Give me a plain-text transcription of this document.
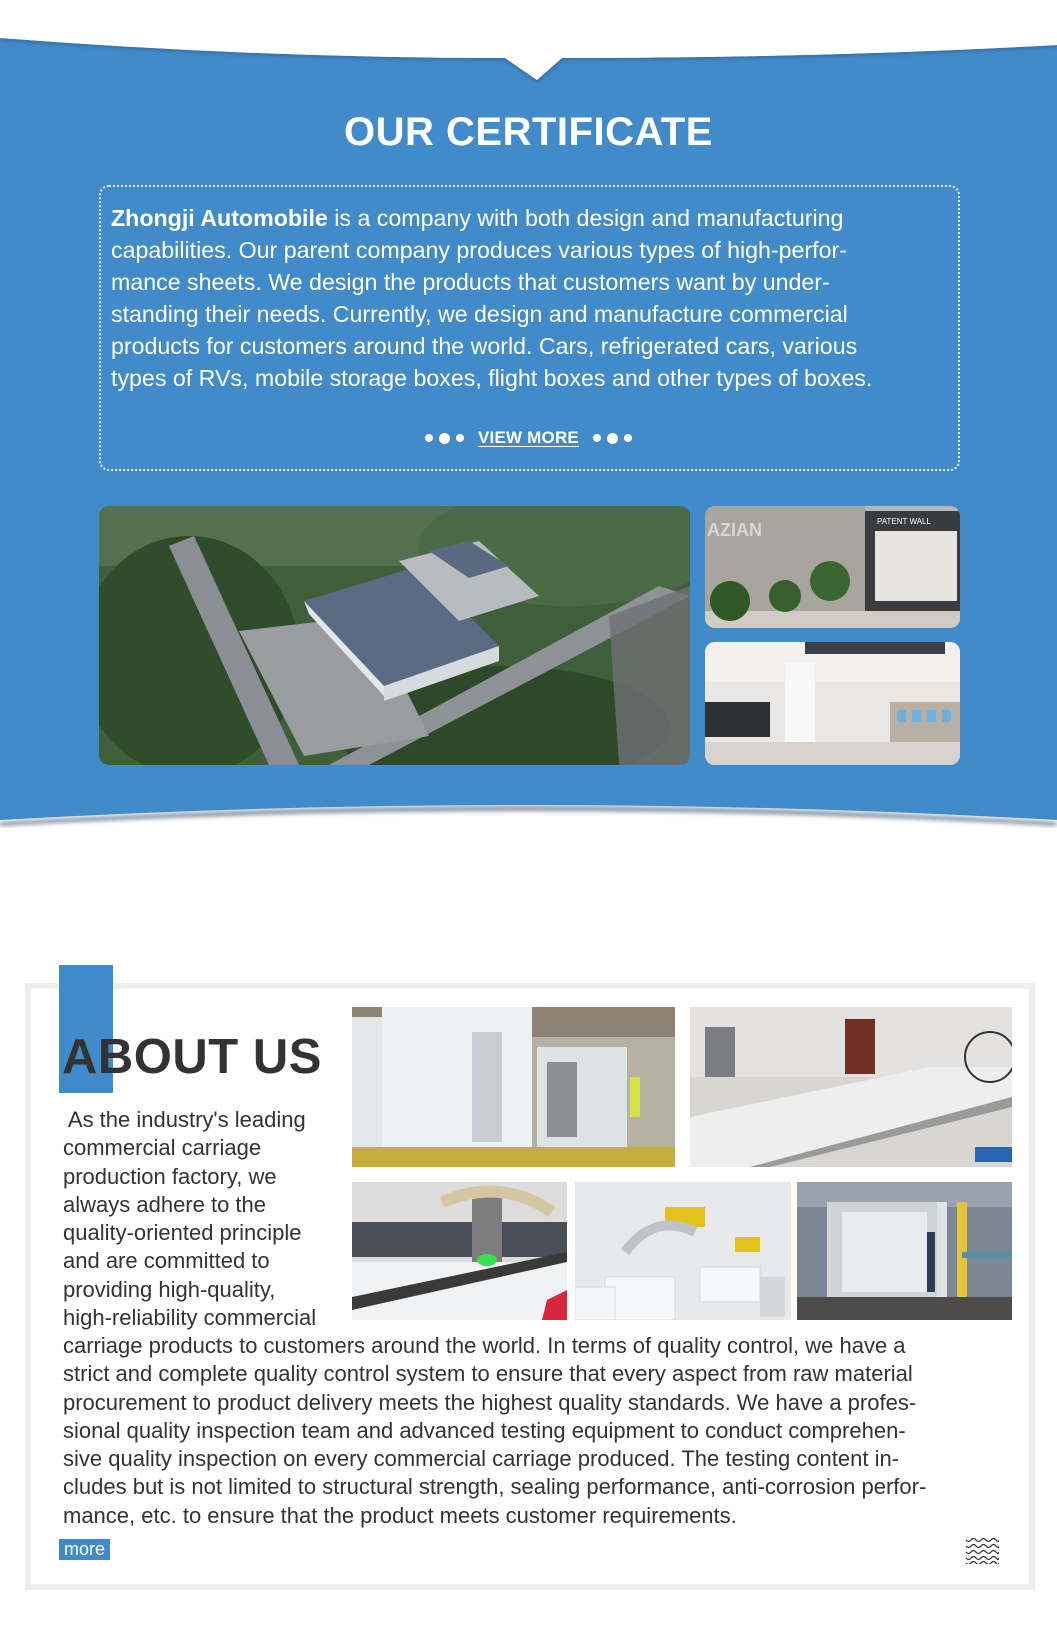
OUR CERTIFICATE
Zhongji Automobile is a company with both design and manufacturing
capabilities. Our parent company produces various types of high-perfor-
mance sheets. We design the products that customers want by under-
standing their needs. Currently, we design and manufacture commercial
products for customers around the world. Cars, refrigerated cars, various
types of RVs, mobile storage boxes, flight boxes and other types of boxes.
VIEW MORE
PATENT WALL
AZIAN
ABOUT US
As the industry's leading
commercial carriage
production factory, we
always adhere to the
quality-oriented principle
and are committed to
providing high-quality,
high-reliability commercial
carriage products to customers around the world. In terms of quality control, we have a
strict and complete quality control system to ensure that every aspect from raw material
procurement to product delivery meets the highest quality standards. We have a profes-
sional quality inspection team and advanced testing equipment to conduct comprehen-
sive quality inspection on every commercial carriage produced. The testing content in-
cludes but is not limited to structural strength, sealing performance, anti-corrosion perfor-
mance, etc. to ensure that the product meets customer requirements.
more
